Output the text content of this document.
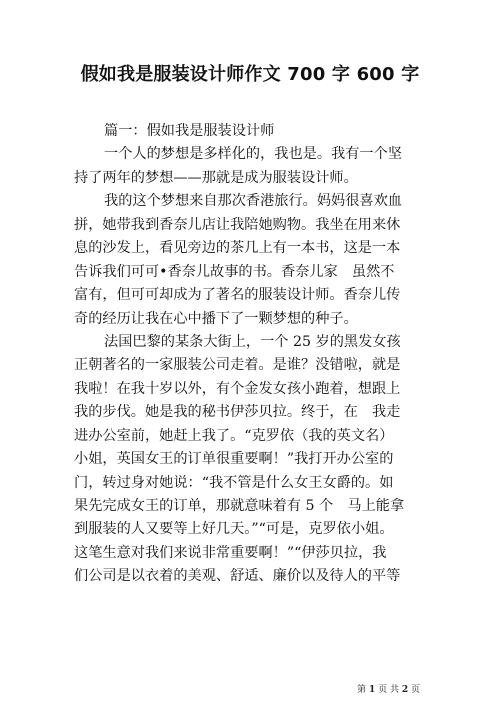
假如我是服装设计师作文 700 字 600 字
篇一：假如我是服装设计师
一个人的梦想是多样化的，我也是。我有一个坚
持了两年的梦想——那就是成为服装设计师。
我的这个梦想来自那次香港旅行。妈妈很喜欢血
拼，她带我到香奈儿店让我陪她购物。我坐在用来休
息的沙发上，看见旁边的茶几上有一本书，这是一本
告诉我们可可•香奈儿故事的书。香奈儿家　虽然不
富有，但可可却成为了著名的服装设计师。香奈儿传
奇的经历让我在心中播下了一颗梦想的种子。
法国巴黎的某条大街上，一个 25 岁的黑发女孩
正朝著名的一家服装公司走着。是谁？没错啦，就是
我啦！在我十岁以外，有个金发女孩小跑着，想跟上
我的步伐。她是我的秘书伊莎贝拉。终于，在　我走
进办公室前，她赶上我了。“克罗依（我的英文名）
小姐，英国女王的订单很重要啊！”我打开办公室的
门，转过身对她说：“我不管是什么女王女爵的。如
果先完成女王的订单，那就意味着有 5 个　马上能拿
到服装的人又要等上好几天。”“可是，克罗依小姐。
这笔生意对我们来说非常重要啊！”“伊莎贝拉，我
们公司是以衣着的美观、舒适、廉价以及待人的平等
第 1 页 共 2 页
